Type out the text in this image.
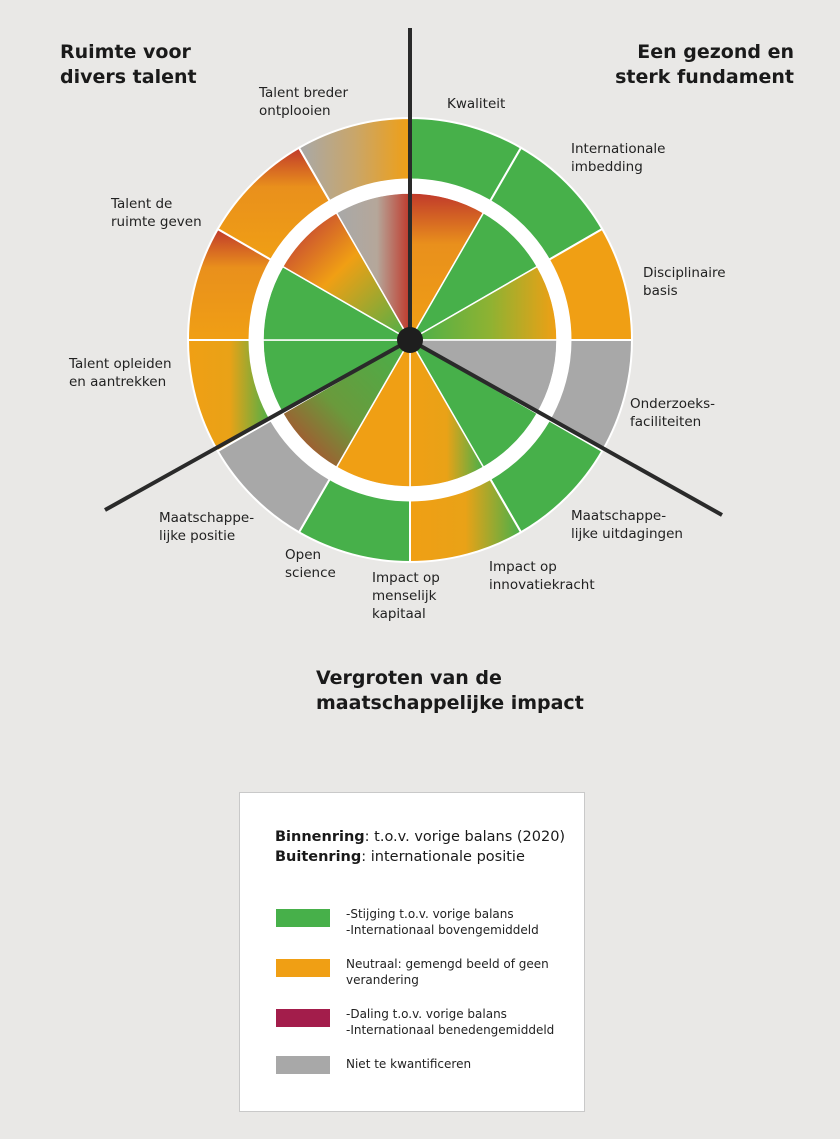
Ruimte voor
divers talent
Een gezond en
sterk fundament
Vergroten van de
maatschappelijke impact
Kwaliteit
Internationale
imbedding
Disciplinaire
basis
Onderzoeks-
faciliteiten
Maatschappe-
lijke uitdagingen
Impact op
innovatiekracht
Impact op
menselijk
kapitaal
Open
science
Maatschappe-
lijke positie
Talent opleiden
en aantrekken
Talent de
ruimte geven
Talent breder
ontplooien
Binnenring: t.o.v. vorige balans (2020)
Buitenring: internationale positie
-Stijging t.o.v. vorige balans
-Internationaal bovengemiddeld
Neutraal: gemengd beeld of geen
verandering
-Daling t.o.v. vorige balans
-Internationaal benedengemiddeld
Niet te kwantificeren
